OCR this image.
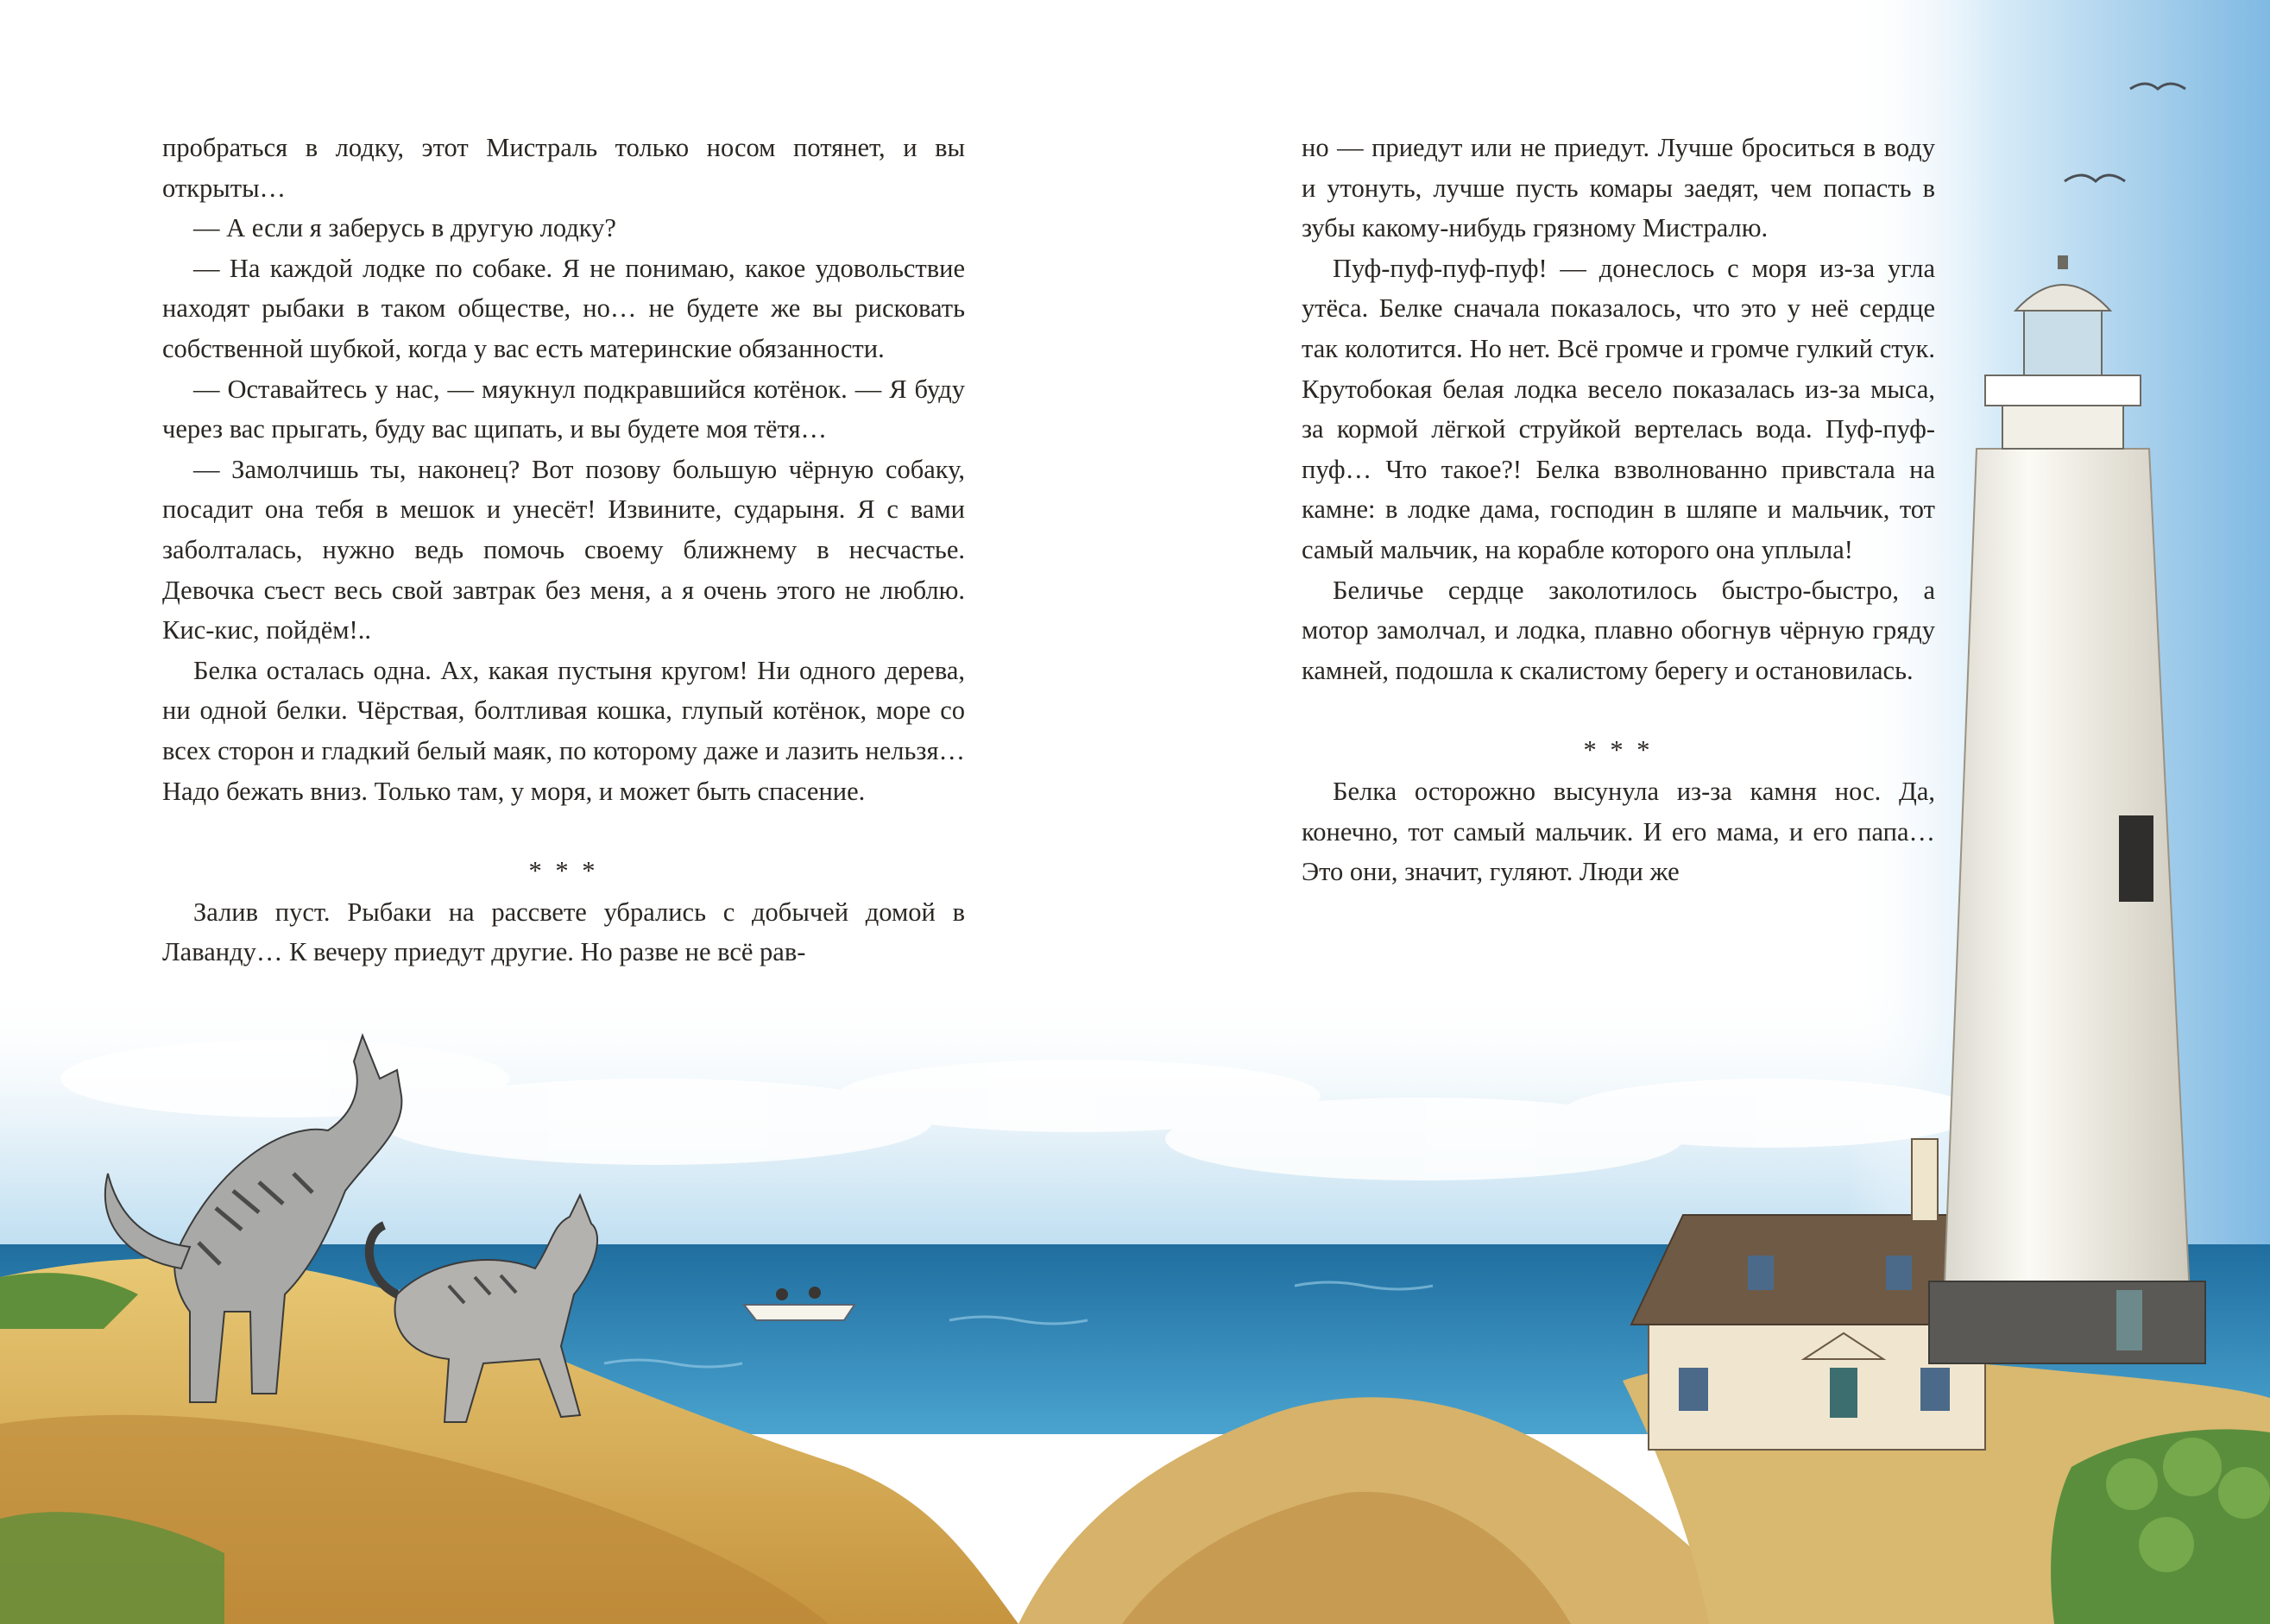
пробраться в лодку, этот Мистраль только носом потянет, и вы открыты…

— А если я заберусь в другую лодку?

— На каждой лодке по собаке. Я не понимаю, какое удовольствие находят рыбаки в таком обществе, но… не будете же вы рисковать собственной шубкой, когда у вас есть материнские обязанности.

— Оставайтесь у нас, — мяукнул подкравшийся котёнок. — Я буду через вас прыгать, буду вас щипать, и вы будете моя тётя…

— Замолчишь ты, наконец? Вот позову большую чёрную собаку, посадит она тебя в мешок и унесёт! Извините, сударыня. Я с вами заболталась, нужно ведь помочь своему ближнему в несчастье. Девочка съест весь свой завтрак без меня, а я очень этого не люблю. Кис-кис, пойдём!..

Белка осталась одна. Ах, какая пустыня кругом! Ни одного дерева, ни одной белки. Чёрствая, болтливая кошка, глупый котёнок, море со всех сторон и гладкий белый маяк, по которому даже и лазить нельзя… Надо бежать вниз. Только там, у моря, и может быть спасение.

* * *

Залив пуст. Рыбаки на рассвете убрались с добычей домой в Лаванду… К вечеру приедут другие. Но разве не всё рав-

но — приедут или не приедут. Лучше броситься в воду и утонуть, лучше пусть комары заедят, чем попасть в зубы какому-нибудь грязному Мистралю.

Пуф-пуф-пуф-пуф! — донеслось с моря из-за угла утёса. Белке сначала показалось, что это у неё сердце так колотится. Но нет. Всё громче и громче гулкий стук. Крутобокая белая лодка весело показалась из-за мыса, за кормой лёгкой струйкой вертелась вода. Пуф-пуф-пуф… Что такое?! Белка взволнованно привстала на камне: в лодке дама, господин в шляпе и мальчик, тот самый мальчик, на корабле которого она уплыла!

Беличье сердце заколотилось быстро-быстро, а мотор замолчал, и лодка, плавно обогнув чёрную гряду камней, подошла к скалистому берегу и остановилась.

* * *

Белка осторожно высунула из-за камня нос. Да, конечно, тот самый мальчик. И его мама, и его папа… Это они, значит, гуляют. Люди же
